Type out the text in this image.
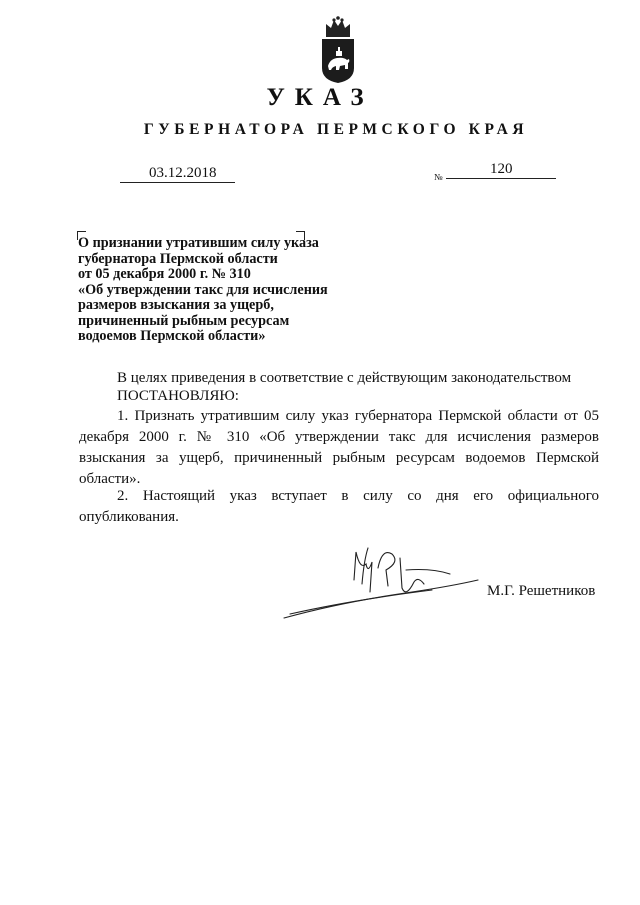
УКАЗ
ГУБЕРНАТОРА ПЕРМСКОГО КРАЯ
03.12.2018	№	120
О признании утратившим силу указа
губернатора Пермской области
от 05 декабря 2000 г. № 310
«Об утверждении такс для исчисления
размеров взыскания за ущерб,
причиненный рыбным ресурсам
водоемов Пермской области»
В целях приведения в соответствие с действующим законодательством
ПОСТАНОВЛЯЮ:
1. Признать утратившим силу указ губернатора Пермской области от 05 декабря 2000 г. № 310 «Об утверждении такс для исчисления размеров взыскания за ущерб, причиненный рыбным ресурсам водоемов Пермской области».
2. Настоящий указ вступает в силу со дня его официального опубликования.
М.Г. Решетников
